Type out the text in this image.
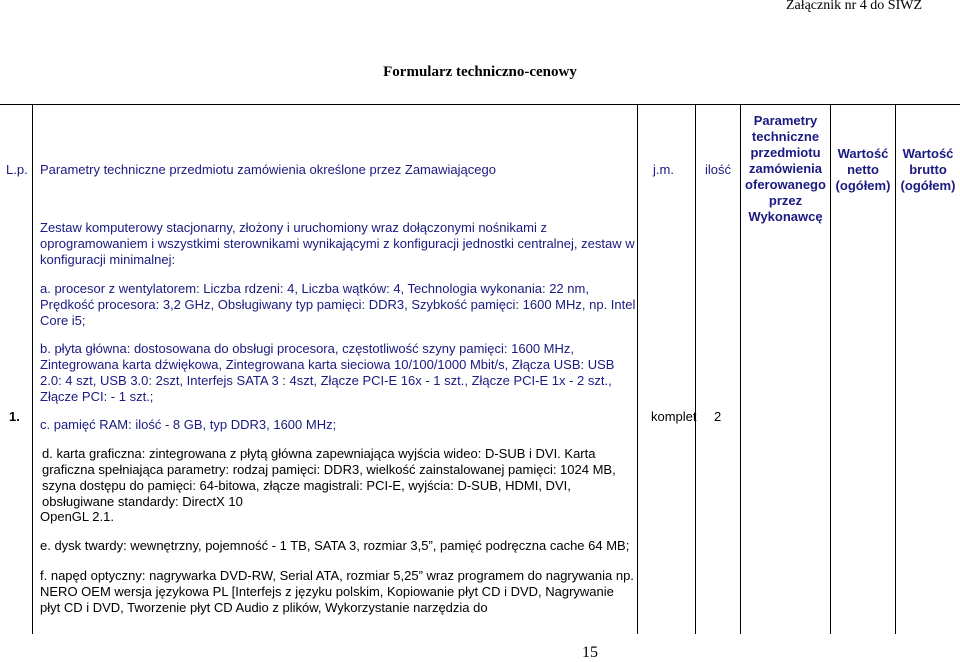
Załącznik nr 4 do SIWZ
Formularz techniczno-cenowy
L.p. Parametry techniczne przedmiotu zamówienia określone przez Zamawiającego	j.m. ilość
Parametry techniczne przedmiotu zamówienia oferowanego przez Wykonawcę
Wartość netto (ogółem)
Wartość brutto (ogółem)
1.
Zestaw komputerowy stacjonarny, złożony i uruchomiony wraz dołączonymi nośnikami z oprogramowaniem i wszystkimi sterownikami wynikającymi z konfiguracji jednostki centralnej, zestaw w konfiguracji minimalnej:
a. procesor z wentylatorem: Liczba rdzeni: 4, Liczba wątków: 4, Technologia wykonania: 22 nm, Prędkość procesora: 3,2 GHz, Obsługiwany typ pamięci: DDR3, Szybkość pamięci: 1600 MHz, np. Intel Core i5;
b. płyta główna: dostosowana do obsługi procesora, częstotliwość szyny pamięci: 1600 MHz, Zintegrowana karta dźwiękowa, Zintegrowana karta sieciowa 10/100/1000 Mbit/s, Złącza USB: USB 2.0: 4 szt, USB 3.0: 2szt, Interfejs SATA 3 : 4szt, Złącze PCI-E 16x - 1 szt., Złącze PCI-E 1x - 2 szt., Złącze PCI: - 1 szt.;
c. pamięć RAM: ilość - 8 GB, typ DDR3, 1600 MHz;
komplet 2
d. karta graficzna: zintegrowana z płytą główna zapewniająca wyjścia wideo: D-SUB i DVI. Karta graficzna spełniająca parametry: rodzaj pamięci: DDR3, wielkość zainstalowanej pamięci: 1024 MB, szyna dostępu do pamięci: 64-bitowa, złącze magistrali: PCI-E, wyjścia: D-SUB, HDMI, DVI, obsługiwane standardy: DirectX 10
OpenGL 2.1.
e. dysk twardy: wewnętrzny, pojemność - 1 TB, SATA 3, rozmiar 3,5”, pamięć podręczna cache 64 MB;
f. napęd optyczny: nagrywarka DVD-RW, Serial ATA, rozmiar 5,25” wraz programem do nagrywania np. NERO OEM wersja językowa PL [Interfejs z języku polskim, Kopiowanie płyt CD i DVD, Nagrywanie płyt CD i DVD, Tworzenie płyt CD Audio z plików, Wykorzystanie narzędzia do
15
